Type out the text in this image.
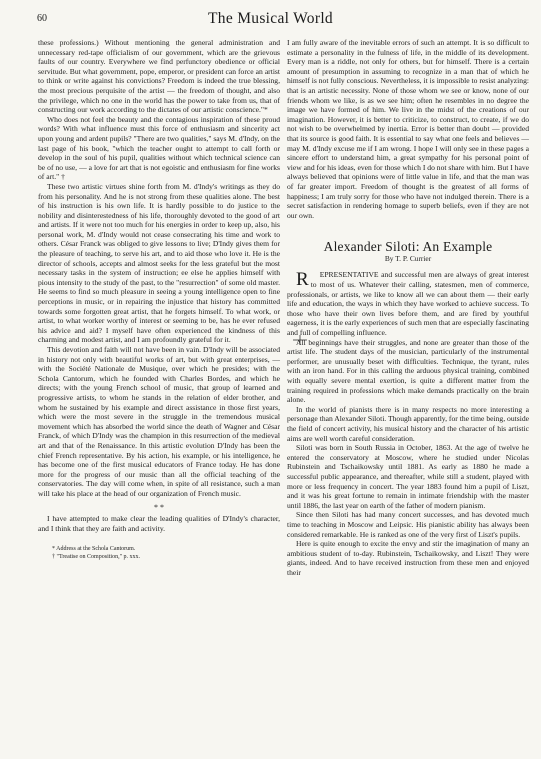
60	The Musical World

these professions.) Without mentioning the general administration and unnecessary red-tape officialism of our government, which are the grievous faults of our country. Everywhere we find perfunctory obedience or official servitude. But what government, pope, emperor, or president can force an artist to think or write against his convictions? Freedom is indeed the true blessing, the most precious perquisite of the artist — the freedom of thought, and also the privilege, which no one in the world has the power to take from us, that of constructing our work according to the dictates of our artistic conscience."*

Who does not feel the beauty and the contagious inspiration of these proud words? With what influence must this force of enthusiasm and sincerity act upon young and ardent pupils? "There are two qualities," says M. d'Indy, on the last page of his book, "which the teacher ought to attempt to call forth or develop in the soul of his pupil, qualities without which technical science can be of no use, — a love for art that is not egoistic and enthusiasm for fine works of art." †

These two artistic virtues shine forth from M. d'Indy's writings as they do from his personality. And he is not strong from these qualities alone. The best of his instruction is his own life. It is hardly possible to do justice to the nobility and disinterestedness of his life, thoroughly devoted to the good of art and artists. If it were not too much for his energies in order to keep up, also, his personal work, M. d'Indy would not cease consecrating his time and work to others. César Franck was obliged to give lessons to live; D'Indy gives them for the pleasure of teaching, to serve his art, and to aid those who love it. He is the director of schools, accepts and almost seeks for the less grateful but the most necessary tasks in the system of instruction; ee else he applies himself with pious intensity to the study of the past, to the "resurrection" of some old master. He seems to find so much pleasure in seeing a young intelligence open to fine perceptions in music, or in repairing the injustice that history has committed towards some forgotten great artist, that he forgets himself. To what work, or artist, to what worker worthy of interest or seeming to be, has he ever refused his advice and aid? I myself have often experienced the kindness of this charming and modest artist, and I am profoundly grateful for it.

This devotion and faith will not have been in vain. D'Indy will be associated in history not only with beautiful works of art, but with great enterprises, — with the Société Nationale de Musique, over which he presides; with the Schola Cantorum, which he founded with Charles Bordes, and which he directs; with the young French school of music, that group of learned and progressive artists, to whom he stands in the relation of elder brother, and whom he sustained by his example and direct assistance in those first years, which were the most severe in the struggle in the tremendous musical movement which has absorbed the world since the death of Wagner and César Franck, of which D'Indy was the champion in this resurrection of the medieval art and that of the Renaissance. In this artistic evolution D'Indy has been the chief French representative. By his action, his example, or his intelligence, he has become one of the first musical educators of France today. He has done more for the progress of our music than all the official teaching of the conservatories. The day will come when, in spite of all resistance, such a man will take his place at the head of our organization of French music.

* *

I have attempted to make clear the leading qualities of D'Indy's character, and I think that they are faith and activity.

* Address at the Schola Cantorum.
† "Treatise on Composition," p. xxx.

I am fully aware of the inevitable errors of such an attempt. It is so difficult to estimate a personality in the fulness of life, in the middle of its development. Every man is a riddle, not only for others, but for himself. There is a certain amount of presumption in assuming to recognize in a man that of which he himself is not fully conscious. Nevertheless, it is impossible to resist analyzing: that is an artistic necessity. None of those whom we see or know, none of our friends whom we like, is as we see him; often he resembles in no degree the image we have formed of him. We live in the midst of the creations of our imagination. However, it is better to criticize, to construct, to create, if we do not wish to be overwhelmed by inertia. Error is better than doubt — provided that its source is good faith. It is essential to say what one feels and believes — may M. d'Indy excuse me if I am wrong. I hope I will only see in these pages a sincere effort to understand him, a great sympathy for his personal point of view and for his ideas, even for those which I do not share with him. But I have always believed that opinions were of little value in life, and that the man was of far greater import. Freedom of thought is the greatest of all forms of happiness; I am truly sorry for those who have not indulged therein. There is a secret satisfaction in rendering homage to superb beliefs, even if they are not our own.

Alexander Siloti: An Example
By T. P. Currier

R EPRESENTATIVE and successful men are always of great interest to most of us. Whatever their calling, statesmen, men of commerce, professionals, or artists, we like to know all we can about them — their early life and education, the ways in which they have worked to achieve success. To those who have their own lives before them, and are fired by youthful eagerness, it is the early experiences of such men that are especially fascinating and full of compelling influence.

All beginnings have their struggles, and none are greater than those of the artist life. The student days of the musician, particularly of the instrumental performer, are unusually beset with difficulties. Technique, the tyrant, rules with an iron hand. For in this calling the arduous physical training, combined with equally severe mental exertion, is quite a different matter from the training required in professions which make demands practically on the brain alone.

In the world of pianists there is in many respects no more interesting a personage than Alexander Siloti. Though apparently, for the time being, outside the field of concert activity, his musical history and the character of his artistic aims are well worth careful consideration.

Siloti was born in South Russia in October, 1863. At the age of twelve he entered the conservatory at Moscow, where he studied under Nicolas Rubinstein and Tschaikowsky until 1881. As early as 1880 he made a successful public appearance, and thereafter, while still a student, played with more or less frequency in concert. The year 1883 found him a pupil of Liszt, and it was his great fortune to remain in intimate friendship with the master until 1886, the last year on earth of the father of modern pianism.

Since then Siloti has had many concert successes, and has devoted much time to teaching in Moscow and Leipsic. His pianistic ability has always been considered remarkable. He is ranked as one of the very first of Liszt's pupils.

Here is quite enough to excite the envy and stir the imagination of many an ambitious student of to-day. Rubinstein, Tschaikowsky, and Liszt! They were giants, indeed. And to have received instruction from these men and enjoyed their
